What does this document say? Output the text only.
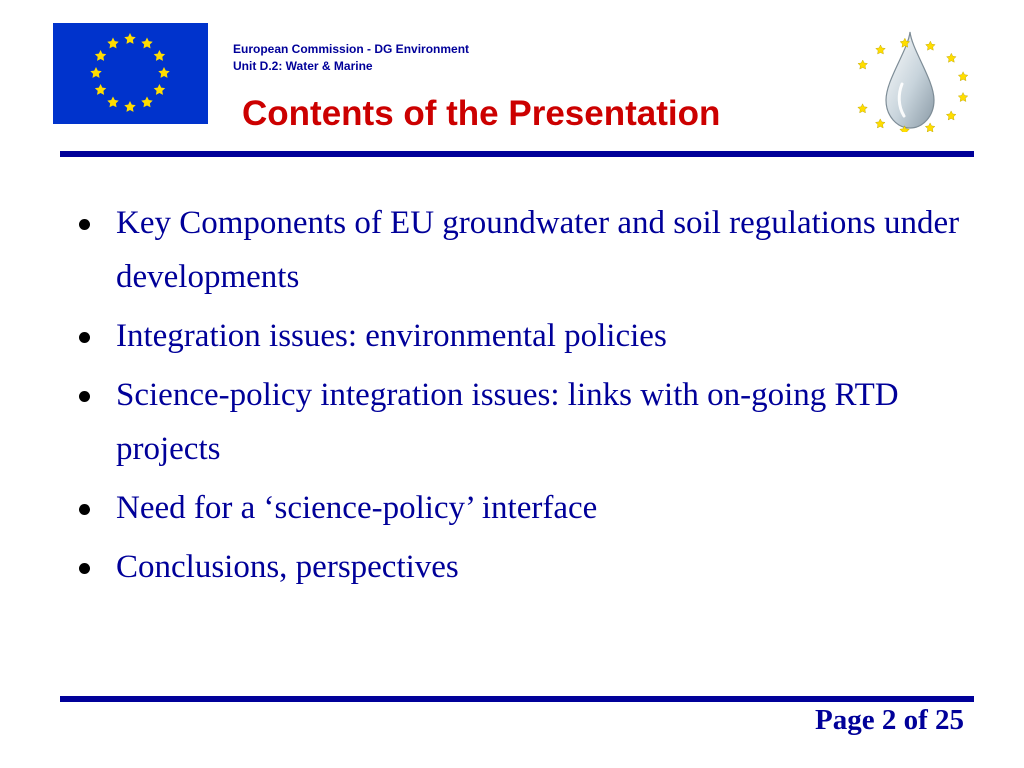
European Commission - DG Environment
Unit D.2: Water & Marine
Contents of the Presentation
Key Components of EU groundwater and soil regulations under developments
Integration issues: environmental policies
Science-policy integration issues: links with on-going RTD projects
Need for a ‘science-policy’ interface
Conclusions, perspectives
Page 2 of 25
